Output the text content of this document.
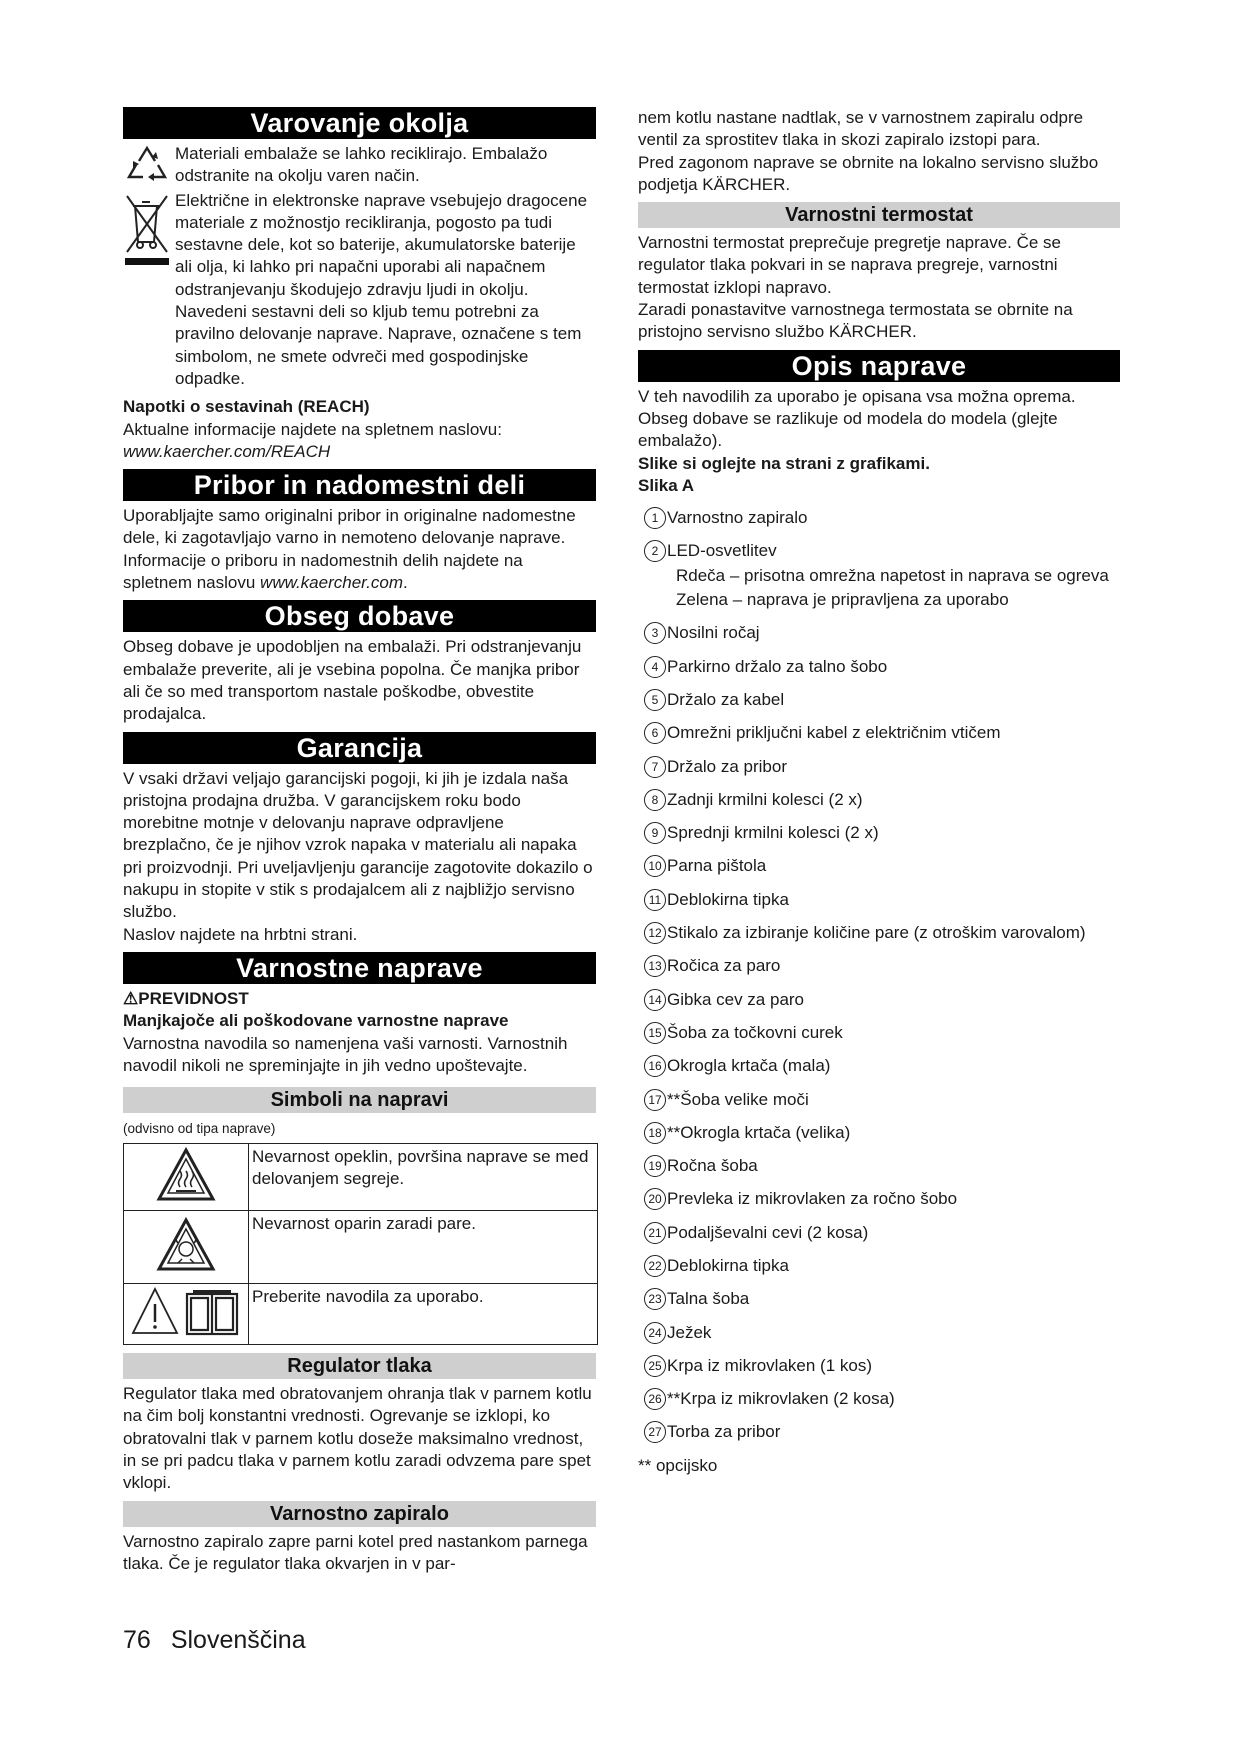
Varovanje okolja

Materiali embalaže se lahko reciklirajo. Embalažo odstranite na okolju varen način.

Električne in elektronske naprave vsebujejo dragocene materiale z možnostjo recikliranja, pogosto pa tudi sestavne dele, kot so baterije, akumulatorske baterije ali olja, ki lahko pri napačni uporabi ali napačnem odstranjevanju škodujejo zdravju ljudi in okolju. Navedeni sestavni deli so kljub temu potrebni za pravilno delovanje naprave. Naprave, označene s tem simbolom, ne smete odvreči med gospodinjske odpadke.

Napotki o sestavinah (REACH)

Aktualne informacije najdete na spletnem naslovu:

www.kaercher.com/REACH

Pribor in nadomestni deli

Uporabljajte samo originalni pribor in originalne nadomestne dele, ki zagotavljajo varno in nemoteno delovanje naprave.

Informacije o priboru in nadomestnih delih najdete na spletnem naslovu www.kaercher.com.

Obseg dobave

Obseg dobave je upodobljen na embalaži. Pri odstranjevanju embalaže preverite, ali je vsebina popolna. Če manjka pribor ali če so med transportom nastale poškodbe, obvestite prodajalca.

Garancija

V vsaki državi veljajo garancijski pogoji, ki jih je izdala naša pristojna prodajna družba. V garancijskem roku bodo morebitne motnje v delovanju naprave odpravljene brezplačno, če je njihov vzrok napaka v materialu ali napaka pri proizvodnji. Pri uveljavljenju garancije zagotovite dokazilo o nakupu in stopite v stik s prodajalcem ali z najbližjo servisno službo.

Naslov najdete na hrbtni strani.

Varnostne naprave

⚠PREVIDNOST

Manjkajoče ali poškodovane varnostne naprave

Varnostna navodila so namenjena vaši varnosti. Varnostnih navodil nikoli ne spreminjajte in jih vedno upoštevajte.

Simboli na napravi

(odvisno od tipa naprave)

	Nevarnost opeklin, površina naprave se med delovanjem segreje.
	Nevarnost oparin zaradi pare.
	Preberite navodila za uporabo.
Regulator tlaka

Regulator tlaka med obratovanjem ohranja tlak v parnem kotlu na čim bolj konstantni vrednosti. Ogrevanje se izklopi, ko obratovalni tlak v parnem kotlu doseže maksimalno vrednost, in se pri padcu tlaka v parnem kotlu zaradi odvzema pare spet vklopi.

Varnostno zapiralo

Varnostno zapiralo zapre parni kotel pred nastankom parnega tlaka. Če je regulator tlaka okvarjen in v par-

nem kotlu nastane nadtlak, se v varnostnem zapiralu odpre ventil za sprostitev tlaka in skozi zapiralo izstopi para.

Pred zagonom naprave se obrnite na lokalno servisno službo podjetja KÄRCHER.

Varnostni termostat

Varnostni termostat preprečuje pregretje naprave. Če se regulator tlaka pokvari in se naprava pregreje, varnostni termostat izklopi napravo.

Zaradi ponastavitve varnostnega termostata se obrnite na pristojno servisno službo KÄRCHER.

Opis naprave

V teh navodilih za uporabo je opisana vsa možna oprema. Obseg dobave se razlikuje od modela do modela (glejte embalažo).

Slike si oglejte na strani z grafikami.

Slika A

1 Varnostno zapiralo
2 LED-osvetlitev

Rdeča – prisotna omrežna napetost in naprava se ogreva

Zelena – naprava je pripravljena za uporabo

3 Nosilni ročaj
4 Parkirno držalo za talno šobo
5 Držalo za kabel
6 Omrežni priključni kabel z električnim vtičem
7 Držalo za pribor
8 Zadnji krmilni kolesci (2 x)
9 Sprednji krmilni kolesci (2 x)
10 Parna pištola
11 Deblokirna tipka
12 Stikalo za izbiranje količine pare (z otroškim varovalom)
13 Ročica za paro
14 Gibka cev za paro
15 Šoba za točkovni curek
16 Okrogla krtača (mala)
17 **Šoba velike moči
18 **Okrogla krtača (velika)
19 Ročna šoba
20 Prevleka iz mikrovlaken za ročno šobo
21 Podaljševalni cevi (2 kosa)
22 Deblokirna tipka
23 Talna šoba
24 Ježek
25 Krpa iz mikrovlaken (1 kos)
26 **Krpa iz mikrovlaken (2 kosa)
27 Torba za pribor

** opcijsko

76 Slovenščina
